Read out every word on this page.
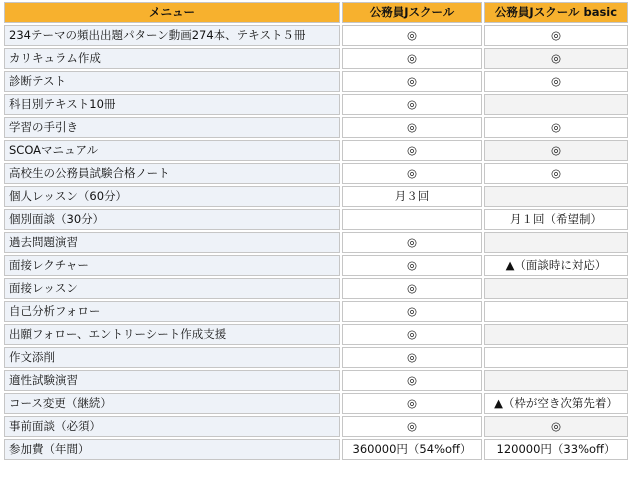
メニュー	公務員Jスクール	公務員Jスクール basic
234テーマの頻出出題パターン動画274本、テキスト５冊	◎	◎
カリキュラム作成	◎	◎
診断テスト	◎	◎
科目別テキスト10冊	◎	
学習の手引き	◎	◎
SCOAマニュアル	◎	◎
高校生の公務員試験合格ノート	◎	◎
個人レッスン（60分）	月３回	
個別面談（30分）		月１回（希望制）
過去問題演習	◎	
面接レクチャー	◎	▲（面談時に対応）
面接レッスン	◎	
自己分析フォロー	◎	
出願フォロー、エントリーシート作成支援	◎	
作文添削	◎	
適性試験演習	◎	
コース変更（継続）	◎	▲（枠が空き次第先着）
事前面談（必須）	◎	◎
参加費（年間）	360000円（54%off）	120000円（33%off）
